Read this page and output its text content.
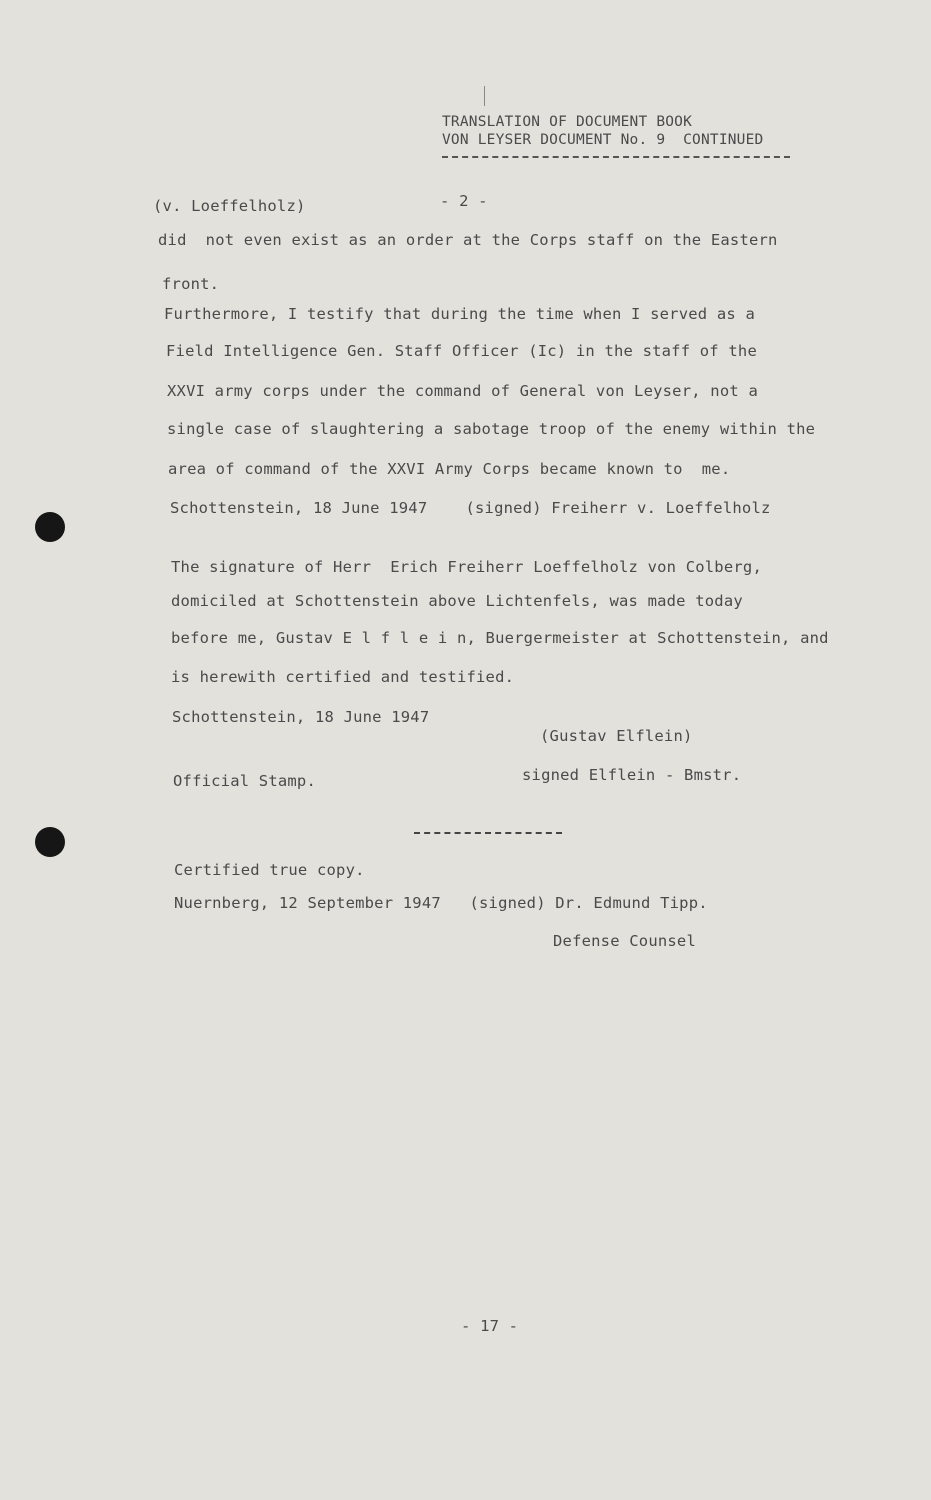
TRANSLATION OF DOCUMENT BOOK
VON LEYSER DOCUMENT No. 9  CONTINUED
(v. Loeffelholz)	- 2 -
did  not even exist as an order at the Corps staff on the Eastern
front.
Furthermore, I testify that during the time when I served as a
Field Intelligence Gen. Staff Officer (Ic) in the staff of the
XXVI army corps under the command of General von Leyser, not a
single case of slaughtering a sabotage troop of the enemy within the
area of command of the XXVI Army Corps became known to  me.
Schottenstein, 18 June 1947    (signed) Freiherr v. Loeffelholz
The signature of Herr  Erich Freiherr Loeffelholz von Colberg,
domiciled at Schottenstein above Lichtenfels, was made today
before me, Gustav E l f l e i n, Buergermeister at Schottenstein, and
is herewith certified and testified.
Schottenstein, 18 June 1947
(Gustav Elflein)
Official Stamp.	signed Elflein - Bmstr.
Certified true copy.
Nuernberg, 12 September 1947   (signed) Dr. Edmund Tipp.
Defense Counsel
- 17 -
